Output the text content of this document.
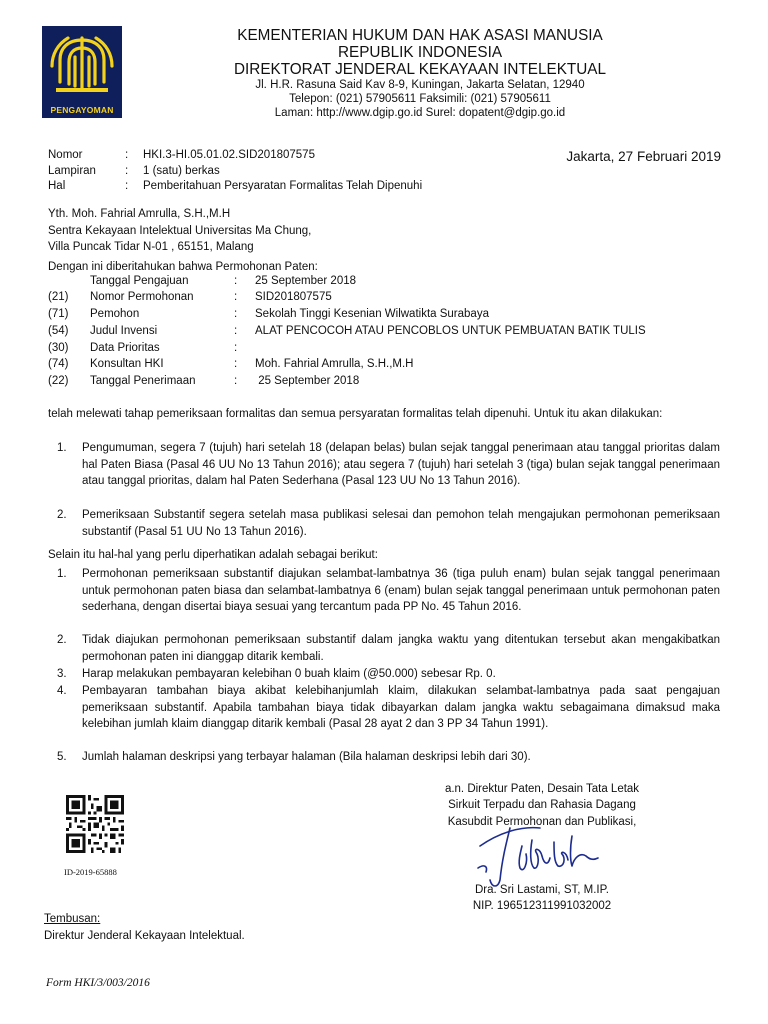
PENGAYOMAN
KEMENTERIAN HUKUM DAN HAK ASASI MANUSIA
REPUBLIK INDONESIA
DIREKTORAT JENDERAL KEKAYAAN INTELEKTUAL
Jl. H.R. Rasuna Said Kav 8-9, Kuningan, Jakarta Selatan, 12940
Telepon: (021) 57905611 Faksimili: (021) 57905611
Laman: http://www.dgip.go.id Surel: dopatent@dgip.go.id
Jakarta, 27 Februari 2019
Nomor	: HKI.3-HI.05.01.02.SID201807575
Lampiran	: 1 (satu) berkas
Hal	: Pemberitahuan Persyaratan Formalitas Telah Dipenuhi
Yth. Moh. Fahrial Amrulla, S.H.,M.H
Sentra Kekayaan Intelektual Universitas Ma Chung,
Villa Puncak Tidar N-01 , 65151, Malang
Dengan ini diberitahukan bahwa Permohonan Paten:
Tanggal Pengajuan	: 25 September 2018
(21) Nomor Permohonan	: SID201807575
(71) Pemohon	: Sekolah Tinggi Kesenian Wilwatikta Surabaya
(54) Judul Invensi	: ALAT PENCOCOH ATAU PENCOBLOS UNTUK PEMBUATAN BATIK TULIS
(30) Data Prioritas	:
(74) Konsultan HKI	: Moh. Fahrial Amrulla, S.H.,M.H
(22) Tanggal Penerimaan	: 25 September 2018
telah melewati tahap pemeriksaan formalitas dan semua persyaratan formalitas telah dipenuhi. Untuk itu akan dilakukan:
1. Pengumuman, segera 7 (tujuh) hari setelah 18 (delapan belas) bulan sejak tanggal penerimaan atau tanggal prioritas dalam hal Paten Biasa (Pasal 46 UU No 13 Tahun 2016); atau segera 7 (tujuh) hari setelah 3 (tiga) bulan sejak tanggal penerimaan atau tanggal prioritas, dalam hal Paten Sederhana (Pasal 123 UU No 13 Tahun 2016).
2. Pemeriksaan Substantif segera setelah masa publikasi selesai dan pemohon telah mengajukan permohonan pemeriksaan substantif (Pasal 51 UU No 13 Tahun 2016).
Selain itu hal-hal yang perlu diperhatikan adalah sebagai berikut:
1. Permohonan pemeriksaan substantif diajukan selambat-lambatnya 36 (tiga puluh enam) bulan sejak tanggal penerimaan untuk permohonan paten biasa dan selambat-lambatnya 6 (enam) bulan sejak tanggal penerimaan untuk permohonan paten sederhana, dengan disertai biaya sesuai yang tercantum pada PP No. 45 Tahun 2016.
2. Tidak diajukan permohonan pemeriksaan substantif dalam jangka waktu yang ditentukan tersebut akan mengakibatkan permohonan paten ini dianggap ditarik kembali.
3. Harap melakukan pembayaran kelebihan 0 buah klaim (@50.000) sebesar Rp. 0.
4. Pembayaran tambahan biaya akibat kelebihanjumlah klaim, dilakukan selambat-lambatnya pada saat pengajuan pemeriksaan substantif. Apabila tambahan biaya tidak dibayarkan dalam jangka waktu sebagaimana dimaksud maka kelebihan jumlah klaim dianggap ditarik kembali (Pasal 28 ayat 2 dan 3 PP 34 Tahun 1991).
5. Jumlah halaman deskripsi yang terbayar halaman (Bila halaman deskripsi lebih dari 30).
a.n. Direktur Paten, Desain Tata Letak
Sirkuit Terpadu dan Rahasia Dagang
Kasubdit Permohonan dan Publikasi,
Dra. Sri Lastami, ST, M.IP.
NIP. 196512311991032002
ID-2019-65888
Tembusan:
Direktur Jenderal Kekayaan Intelektual.
Form HKI/3/003/2016
